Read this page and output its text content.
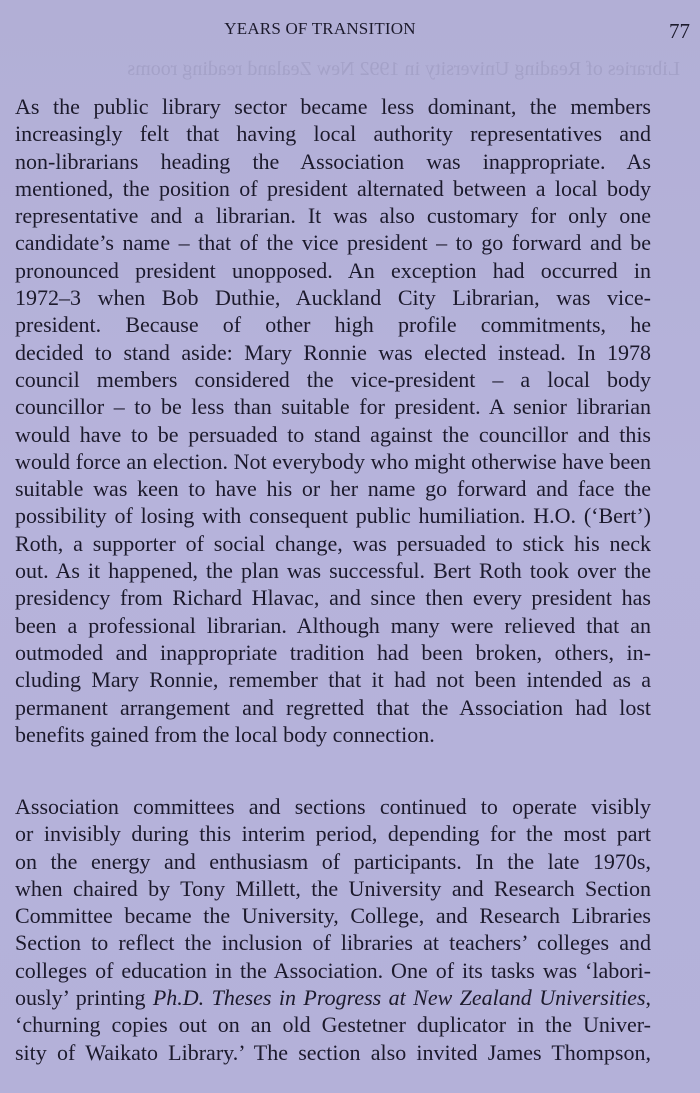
Libraries of Reading University in 1992 New Zealand reading rooms
YEARS OF TRANSITION	77
As the public library sector became less dominant, the members
increasingly felt that having local authority representatives and
non-librarians heading the Association was inappropriate. As
mentioned, the position of president alternated between a local body
representative and a librarian. It was also customary for only one
candidate’s name – that of the vice president – to go forward and be
pronounced president unopposed. An exception had occurred in
1972–3 when Bob Duthie, Auckland City Librarian, was vice-
president. Because of other high profile commitments, he
decided to stand aside: Mary Ronnie was elected instead. In 1978
council members considered the vice-president – a local body
councillor – to be less than suitable for president. A senior librarian
would have to be persuaded to stand against the councillor and this
would force an election. Not everybody who might otherwise have been
suitable was keen to have his or her name go forward and face the
possibility of losing with consequent public humiliation. H.O. (‘Bert’)
Roth, a supporter of social change, was persuaded to stick his neck
out. As it happened, the plan was successful. Bert Roth took over the
presidency from Richard Hlavac, and since then every president has
been a professional librarian. Although many were relieved that an
outmoded and inappropriate tradition had been broken, others, in-
cluding Mary Ronnie, remember that it had not been intended as a
permanent arrangement and regretted that the Association had lost
benefits gained from the local body connection.
Association committees and sections continued to operate visibly
or invisibly during this interim period, depending for the most part
on the energy and enthusiasm of participants. In the late 1970s,
when chaired by Tony Millett, the University and Research Section
Committee became the University, College, and Research Libraries
Section to reflect the inclusion of libraries at teachers’ colleges and
colleges of education in the Association. One of its tasks was ‘labori-
ously’ printing Ph.D. Theses in Progress at New Zealand Universities,
‘churning copies out on an old Gestetner duplicator in the Univer-
sity of Waikato Library.’ The section also invited James Thompson,
